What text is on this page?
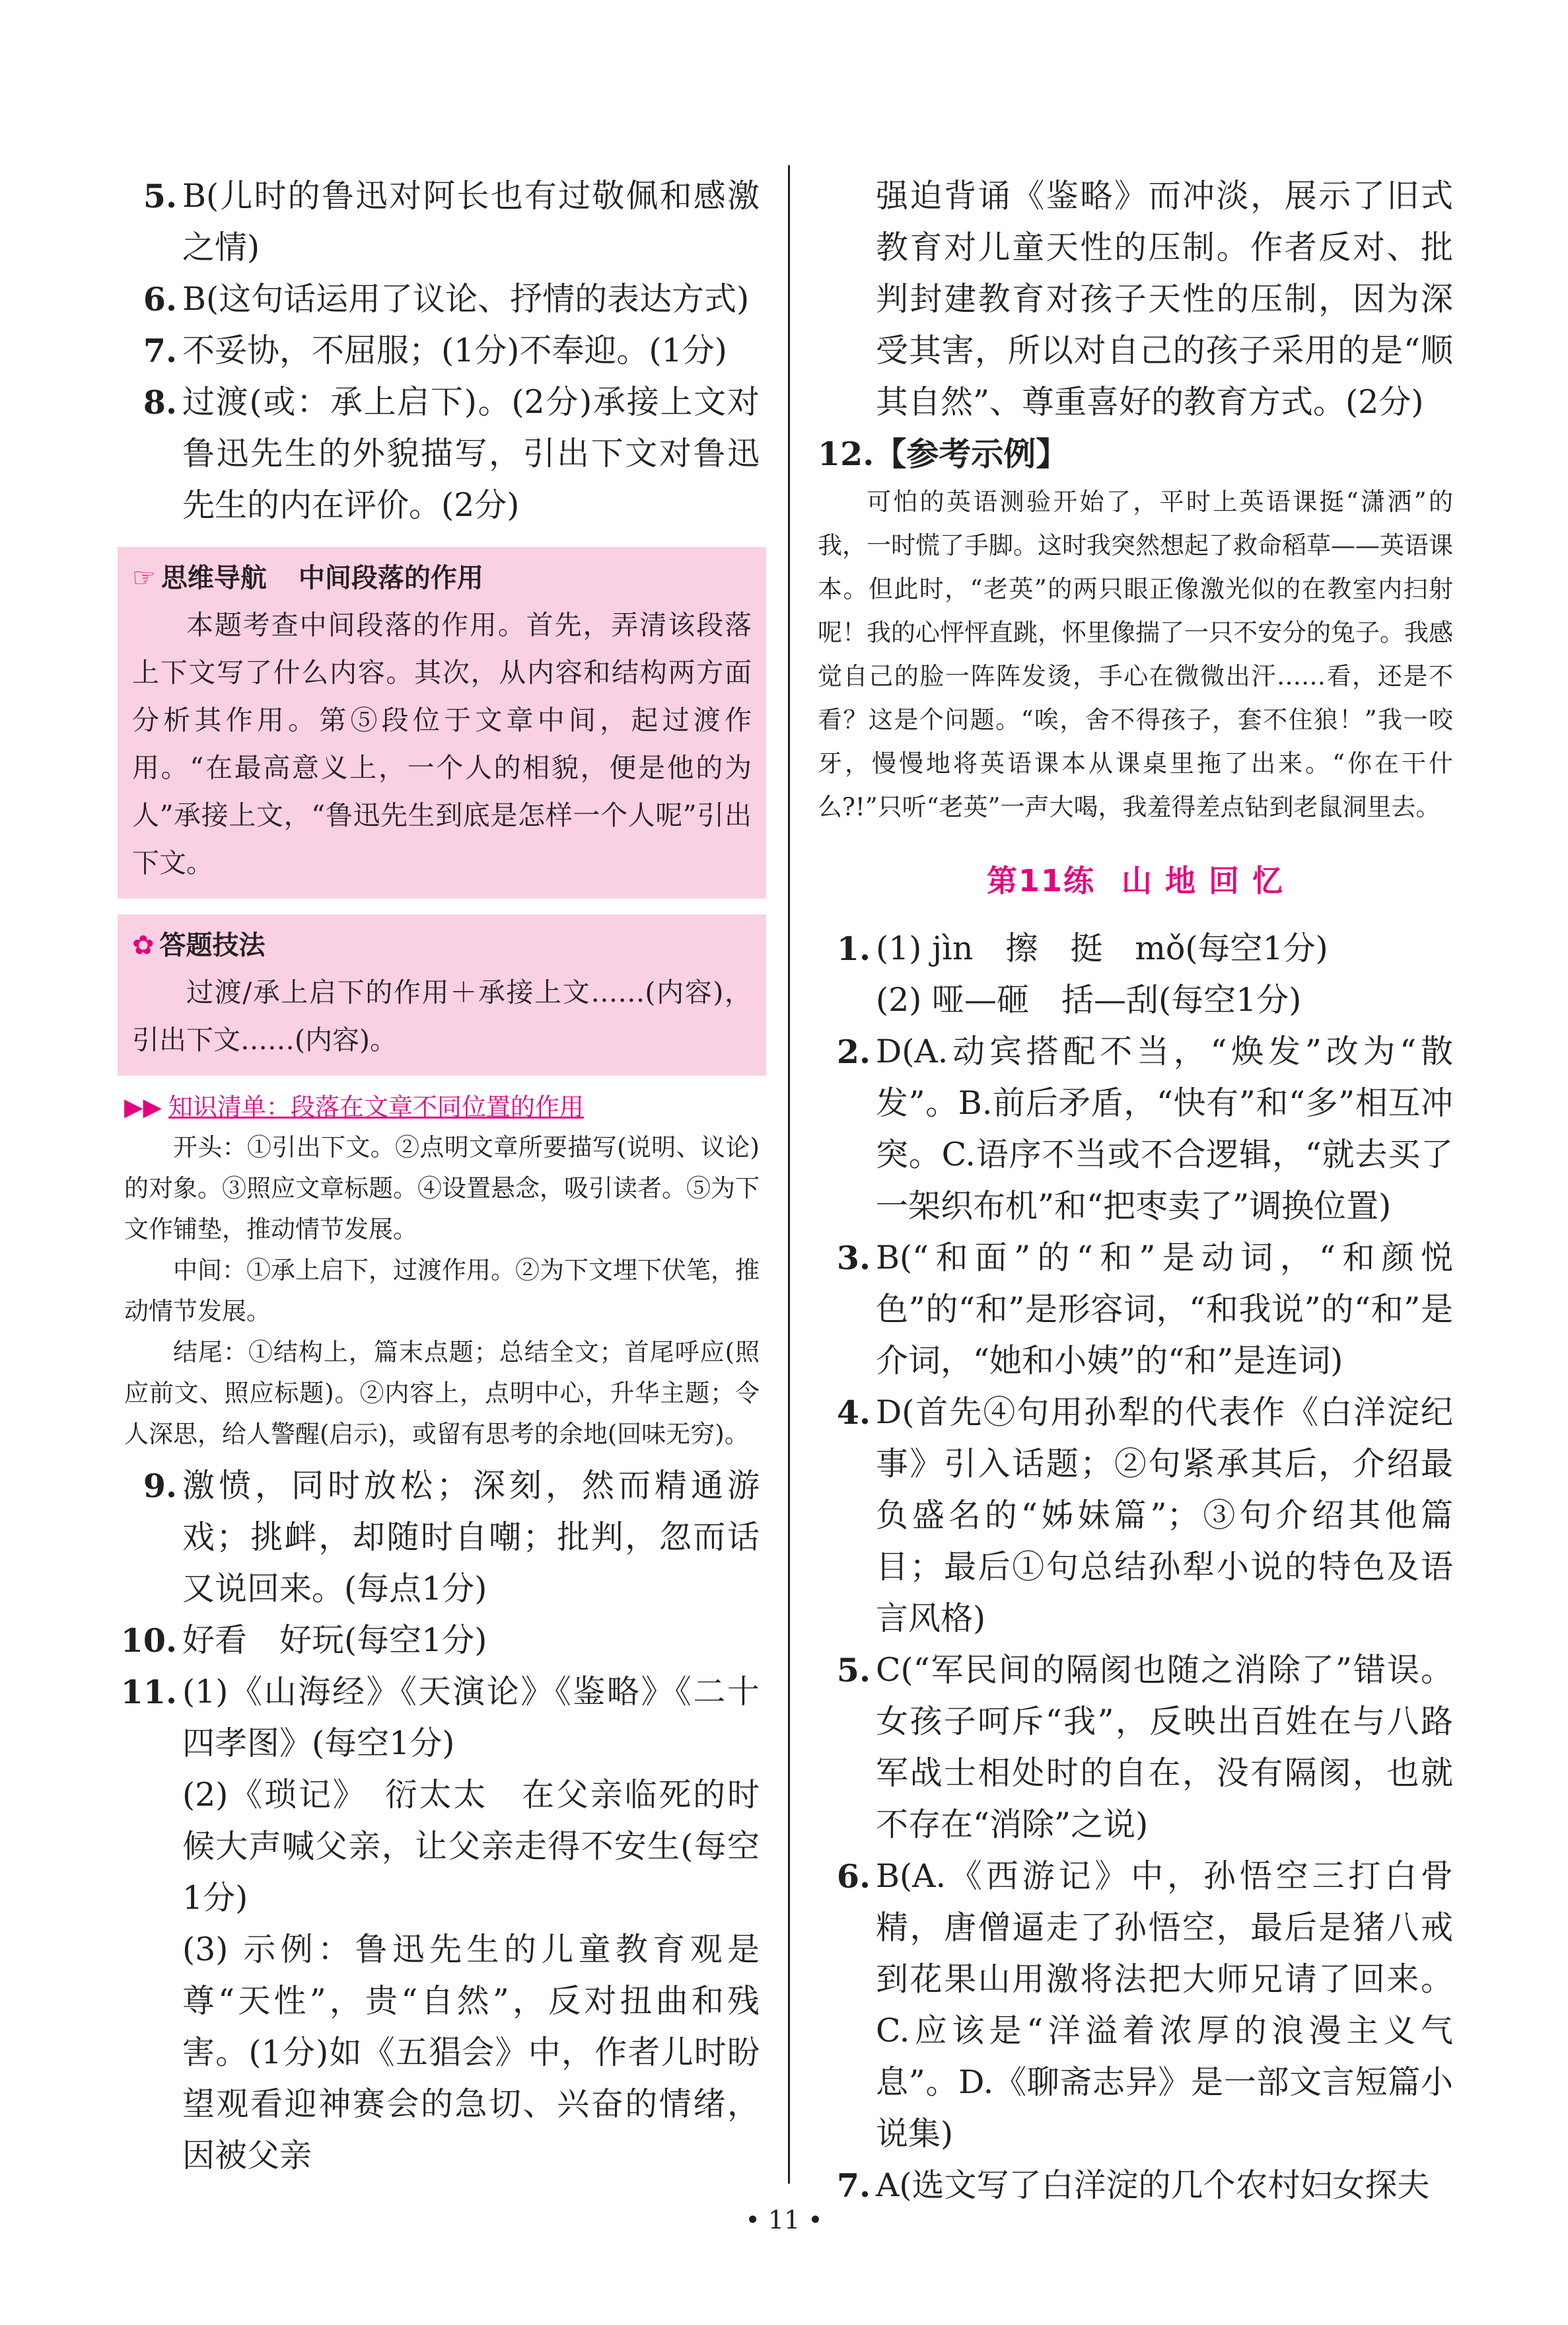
5. B(儿时的鲁迅对阿长也有过敬佩和感激之情)

6. B(这句话运用了议论、抒情的表达方式)

7. 不妥协，不屈服；(1分)不奉迎。(1分)

8. 过渡(或：承上启下)。(2分)承接上文对鲁迅先生的外貌描写，引出下文对鲁迅先生的内在评价。(2分)

☞ 思维导航 中间段落的作用

本题考查中间段落的作用。首先，弄清该段落上下文写了什么内容。其次，从内容和结构两方面分析其作用。第⑤段位于文章中间，起过渡作用。“在最高意义上，一个人的相貌，便是他的为人”承接上文，“鲁迅先生到底是怎样一个人呢”引出下文。

✿ 答题技法

过渡/承上启下的作用＋承接上文……(内容)，引出下文……(内容)。

▶▶ 知识清单：段落在文章不同位置的作用

开头：①引出下文。②点明文章所要描写(说明、议论)的对象。③照应文章标题。④设置悬念，吸引读者。⑤为下文作铺垫，推动情节发展。

中间：①承上启下，过渡作用。②为下文埋下伏笔，推动情节发展。

结尾：①结构上，篇末点题；总结全文；首尾呼应(照应前文、照应标题)。②内容上，点明中心，升华主题；令人深思，给人警醒(启示)，或留有思考的余地(回味无穷)。

9. 激愤，同时放松；深刻，然而精通游戏；挑衅，却随时自嘲；批判，忽而话又说回来。(每点1分)

10. 好看　好玩(每空1分)

11. (1)《山海经》《天演论》《鉴略》《二十四孝图》(每空1分)

(2)《琐记》　衍太太　在父亲临死的时候大声喊父亲，让父亲走得不安生(每空1分)

(3) 示例：鲁迅先生的儿童教育观是尊“天性”，贵“自然”，反对扭曲和残害。(1分)如《五猖会》中，作者儿时盼望观看迎神赛会的急切、兴奋的情绪，因被父亲

强迫背诵《鉴略》而冲淡，展示了旧式教育对儿童天性的压制。作者反对、批判封建教育对孩子天性的压制，因为深受其害，所以对自己的孩子采用的是“顺其自然”、尊重喜好的教育方式。(2分)

12.【参考示例】

可怕的英语测验开始了，平时上英语课挺“潇洒”的我，一时慌了手脚。这时我突然想起了救命稻草——英语课本。但此时，“老英”的两只眼正像激光似的在教室内扫射呢！我的心怦怦直跳，怀里像揣了一只不安分的兔子。我感觉自己的脸一阵阵发烫，手心在微微出汗……看，还是不看？这是个问题。“唉，舍不得孩子，套不住狼！”我一咬牙，慢慢地将英语课本从课桌里拖了出来。“你在干什么?!”只听“老英”一声大喝，我羞得差点钻到老鼠洞里去。

第11练 山 地 回 忆
1. (1) jìn　擦　挺　mǒ(每空1分)

(2) 哑—砸　括—刮(每空1分)

2. D(A.动宾搭配不当，“焕发”改为“散发”。B.前后矛盾，“快有”和“多”相互冲突。C.语序不当或不合逻辑，“就去买了一架织布机”和“把枣卖了”调换位置)

3. B(“和面”的“和”是动词，“和颜悦色”的“和”是形容词，“和我说”的“和”是介词，“她和小姨”的“和”是连词)

4. D(首先④句用孙犁的代表作《白洋淀纪事》引入话题；②句紧承其后，介绍最负盛名的“姊妹篇”；③句介绍其他篇目；最后①句总结孙犁小说的特色及语言风格)

5. C(“军民间的隔阂也随之消除了”错误。女孩子呵斥“我”，反映出百姓在与八路军战士相处时的自在，没有隔阂，也就不存在“消除”之说)

6. B(A.《西游记》中，孙悟空三打白骨精，唐僧逼走了孙悟空，最后是猪八戒到花果山用激将法把大师兄请了回来。C.应该是“洋溢着浓厚的浪漫主义气息”。D.《聊斋志异》是一部文言短篇小说集)

7. A(选文写了白洋淀的几个农村妇女探夫

• 11 •
